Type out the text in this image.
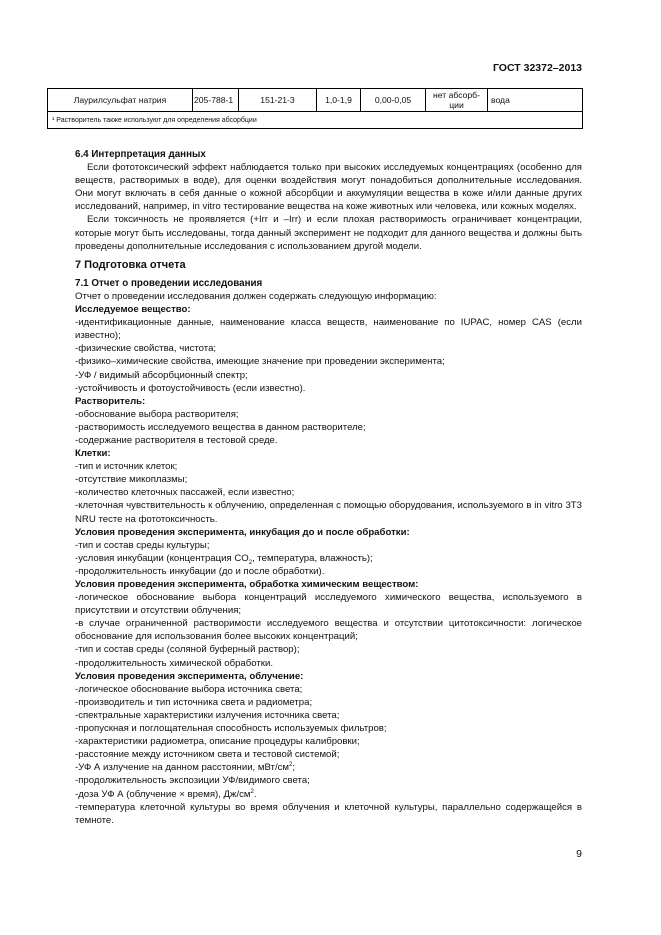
ГОСТ 32372–2013
Лаурилсульфат натрия	205-788-1	151-21-3	1,0-1,9	0,00-0,05	нет абсорб-ции	вода
¹ Растворитель также используют для определения абсорбции

6.4 Интерпретация данных

Если фототоксический эффект наблюдается только при высоких исследуемых концентрациях (особенно для веществ, растворимых в воде), для оценки воздействия могут понадобиться дополнительные исследования. Они могут включать в себя данные о кожной абсорбции и аккумуляции вещества в коже и/или данные других исследований, например, in vitro тестирование вещества на коже животных или человека, или кожных моделях.

Если токсичность не проявляется (+Irr и –Irr) и если плохая растворимость ограничивает концентрации, которые могут быть исследованы, тогда данный эксперимент не подходит для данного вещества и должны быть проведены дополнительные исследования с использованием другой модели.

7 Подготовка отчета

7.1 Отчет о проведении исследования

Отчет о проведении исследования должен содержать следующую информацию:

Исследуемое вещество:

-идентификационные данные, наименование класса веществ, наименование по IUPAC, номер CAS (если известно);

-физические свойства, чистота;

-физико–химические свойства, имеющие значение при проведении эксперимента;

-УФ / видимый абсорбционный спектр;

-устойчивость и фотоустойчивость (если известно).

Растворитель:

-обоснование выбора растворителя;

-растворимость исследуемого вещества в данном растворителе;

-содержание растворителя в тестовой среде.

Клетки:

-тип и источник клеток;

-отсутствие микоплазмы;

-количество клеточных пассажей, если известно;

-клеточная чувствительность к облучению, определенная с помощью оборудования, используемого в in vitro 3T3 NRU тесте на фототоксичность.

Условия проведения эксперимента, инкубация до и после обработки:

-тип и состав среды культуры;

-условия инкубации (концентрация $CO_2$, температура, влажность);

-продолжительность инкубации (до и после обработки).

Условия проведения эксперимента, обработка химическим веществом:

-логическое обоснование выбора концентраций исследуемого химического вещества, используемого в присутствии и отсутствии облучения;

-в случае ограниченной растворимости исследуемого вещества и отсутствии цитотоксичности: логическое обоснование для использования более высоких концентраций;

-тип и состав среды (соляной буферный раствор);

-продолжительность химической обработки.

Условия проведения эксперимента, облучение:

-логическое обоснование выбора источника света;

-производитель и тип источника света и радиометра;

-спектральные характеристики излучения источника света;

-пропускная и поглощательная способность используемых фильтров;

-характеристики радиометра, описание процедуры калибровки;

-расстояние между источником света и тестовой системой;

-УФ А излучение на данном расстоянии, мВт/$см^2$;

-продолжительность экспозиции УФ/видимого света;

-доза УФ А (облучение × время), $Дж/см^2$.

-температура клеточной культуры во время облучения и клеточной культуры, параллельно содержащейся в темноте.

9
